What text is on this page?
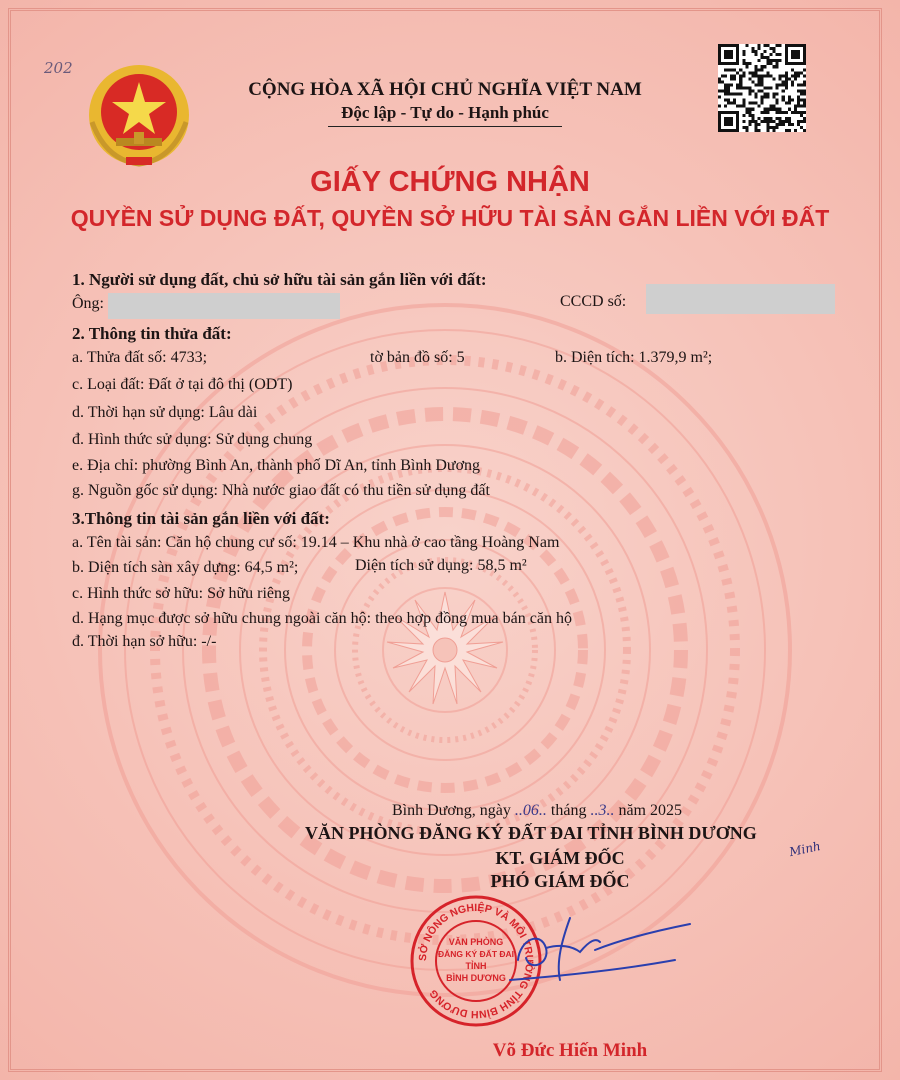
202
CỘNG HÒA XÃ HỘI CHỦ NGHĨA VIỆT NAM
Độc lập - Tự do - Hạnh phúc
GIẤY CHỨNG NHẬN
QUYỀN SỬ DỤNG ĐẤT, QUYỀN SỞ HỮU TÀI SẢN GẮN LIỀN VỚI ĐẤT
1. Người sử dụng đất, chủ sở hữu tài sản gắn liền với đất:
Ông:	CCCD số:
2. Thông tin thửa đất:
a. Thửa đất số: 4733;	tờ bản đồ số: 5	b. Diện tích: 1.379,9 m²;
c. Loại đất: Đất ở tại đô thị (ODT)
d. Thời hạn sử dụng: Lâu dài
đ. Hình thức sử dụng: Sử dụng chung
e. Địa chỉ: phường Bình An, thành phố Dĩ An, tỉnh Bình Dương
g. Nguồn gốc sử dụng: Nhà nước giao đất có thu tiền sử dụng đất
3.Thông tin tài sản gắn liền với đất:
a. Tên tài sản: Căn hộ chung cư số: 19.14 – Khu nhà ở cao tầng Hoàng Nam
b. Diện tích sàn xây dựng: 64,5 m²;	Diện tích sử dụng: 58,5 m²
c. Hình thức sở hữu: Sở hữu riêng
d. Hạng mục được sở hữu chung ngoài căn hộ: theo hợp đồng mua bán căn hộ
đ. Thời hạn sở hữu: -/-
Bình Dương, ngày ..06.. tháng ..3.. năm 2025
VĂN PHÒNG ĐĂNG KÝ ĐẤT ĐAI TỈNH BÌNH DƯƠNG
KT. GIÁM ĐỐC
PHÓ GIÁM ĐỐC
Minh
SỞ NÔNG NGHIỆP VÀ MÔI TRƯỜNG TỈNH BÌNH DƯƠNG
VĂN PHÒNG
ĐĂNG KÝ ĐẤT ĐAI
TỈNH
BÌNH DƯƠNG
Võ Đức Hiến Minh
